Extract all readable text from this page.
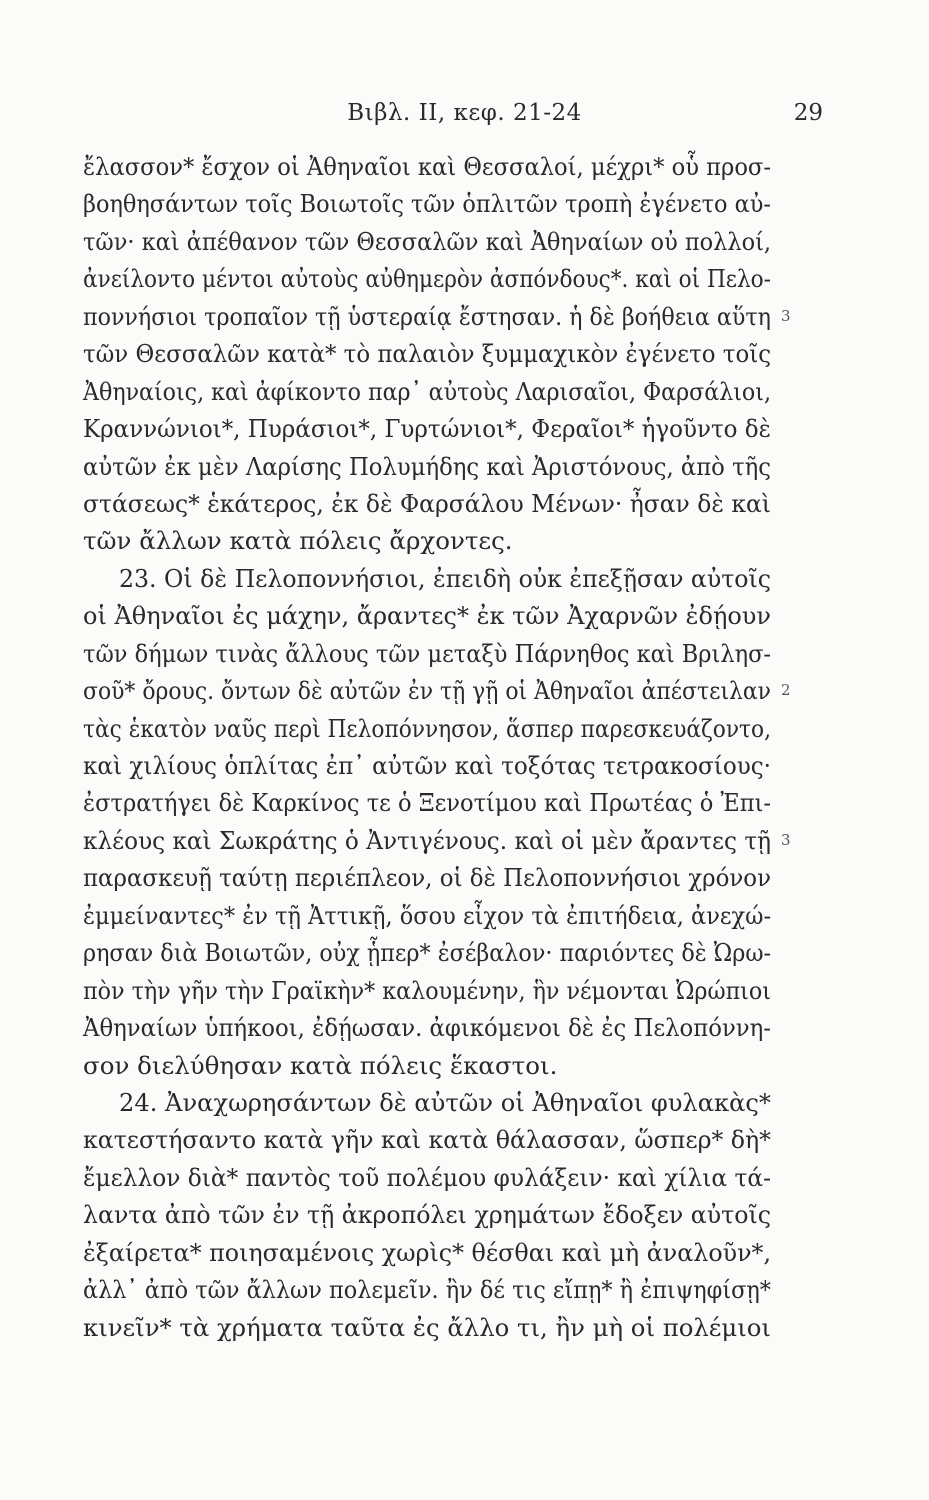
Βιβλ. II, κεφ. 21-24	29
ἔλασσον* ἔσχον οἱ Ἀθηναῖοι καὶ Θεσσαλοί, μέχρι* οὗ προσ-
βοηθησάντων τοῖς Βοιωτοῖς τῶν ὁπλιτῶν τροπὴ ἐγένετο αὐ-
τῶν· καὶ ἀπέθανον τῶν Θεσσαλῶν καὶ Ἀθηναίων οὐ πολλοί,
ἀνείλοντο μέντοι αὐτοὺς αὐθημερὸν ἀσπόνδους*. καὶ οἱ Πελο-
ποννήσιοι τροπαῖον τῇ ὑστεραίᾳ ἔστησαν. ἡ δὲ βοήθεια αὕτη 3
τῶν Θεσσαλῶν κατὰ* τὸ παλαιὸν ξυμμαχικὸν ἐγένετο τοῖς
Ἀθηναίοις, καὶ ἀφίκοντο παρ᾽ αὐτοὺς Λαρισαῖοι, Φαρσάλιοι,
Κραννώνιοι*, Πυράσιοι*, Γυρτώνιοι*, Φεραῖοι* ἡγοῦντο δὲ
αὐτῶν ἐκ μὲν Λαρίσης Πολυμήδης καὶ Ἀριστόνους, ἀπὸ τῆς
στάσεως* ἑκάτερος, ἐκ δὲ Φαρσάλου Μένων· ἦσαν δὲ καὶ
τῶν ἄλλων κατὰ πόλεις ἄρχοντες.
23. Οἱ δὲ Πελοποννήσιοι, ἐπειδὴ οὐκ ἐπεξῇσαν αὐτοῖς
οἱ Ἀθηναῖοι ἐς μάχην, ἄραντες* ἐκ τῶν Ἀχαρνῶν ἐδῄουν
τῶν δήμων τινὰς ἄλλους τῶν μεταξὺ Πάρνηθος καὶ Βριλησ-
σοῦ* ὄρους. ὄντων δὲ αὐτῶν ἐν τῇ γῇ οἱ Ἀθηναῖοι ἀπέστειλαν 2
τὰς ἑκατὸν ναῦς περὶ Πελοπόννησον, ἅσπερ παρεσκευάζοντο,
καὶ χιλίους ὁπλίτας ἐπ᾽ αὐτῶν καὶ τοξότας τετρακοσίους·
ἐστρατήγει δὲ Καρκίνος τε ὁ Ξενοτίμου καὶ Πρωτέας ὁ Ἐπι-
κλέους καὶ Σωκράτης ὁ Ἀντιγένους. καὶ οἱ μὲν ἄραντες τῇ 3
παρασκευῇ ταύτῃ περιέπλεον, οἱ δὲ Πελοποννήσιοι χρόνον
ἐμμείναντες* ἐν τῇ Ἀττικῇ, ὅσου εἶχον τὰ ἐπιτήδεια, ἀνεχώ-
ρησαν διὰ Βοιωτῶν, οὐχ ᾗπερ* ἐσέβαλον· παριόντες δὲ Ὠρω-
πὸν τὴν γῆν τὴν Γραϊκὴν* καλουμένην, ἣν νέμονται Ὠρώπιοι
Ἀθηναίων ὑπήκοοι, ἐδῄωσαν. ἀφικόμενοι δὲ ἐς Πελοπόννη-
σον διελύθησαν κατὰ πόλεις ἕκαστοι.
24. Ἀναχωρησάντων δὲ αὐτῶν οἱ Ἀθηναῖοι φυλακὰς*
κατεστήσαντο κατὰ γῆν καὶ κατὰ θάλασσαν, ὥσπερ* δὴ*
ἔμελλον διὰ* παντὸς τοῦ πολέμου φυλάξειν· καὶ χίλια τά-
λαντα ἀπὸ τῶν ἐν τῇ ἀκροπόλει χρημάτων ἔδοξεν αὐτοῖς
ἐξαίρετα* ποιησαμένοις χωρὶς* θέσθαι καὶ μὴ ἀναλοῦν*,
ἀλλ᾽ ἀπὸ τῶν ἄλλων πολεμεῖν. ἢν δέ τις εἴπῃ* ἢ ἐπιψηφίσῃ*
κινεῖν* τὰ χρήματα ταῦτα ἐς ἄλλο τι, ἢν μὴ οἱ πολέμιοι
